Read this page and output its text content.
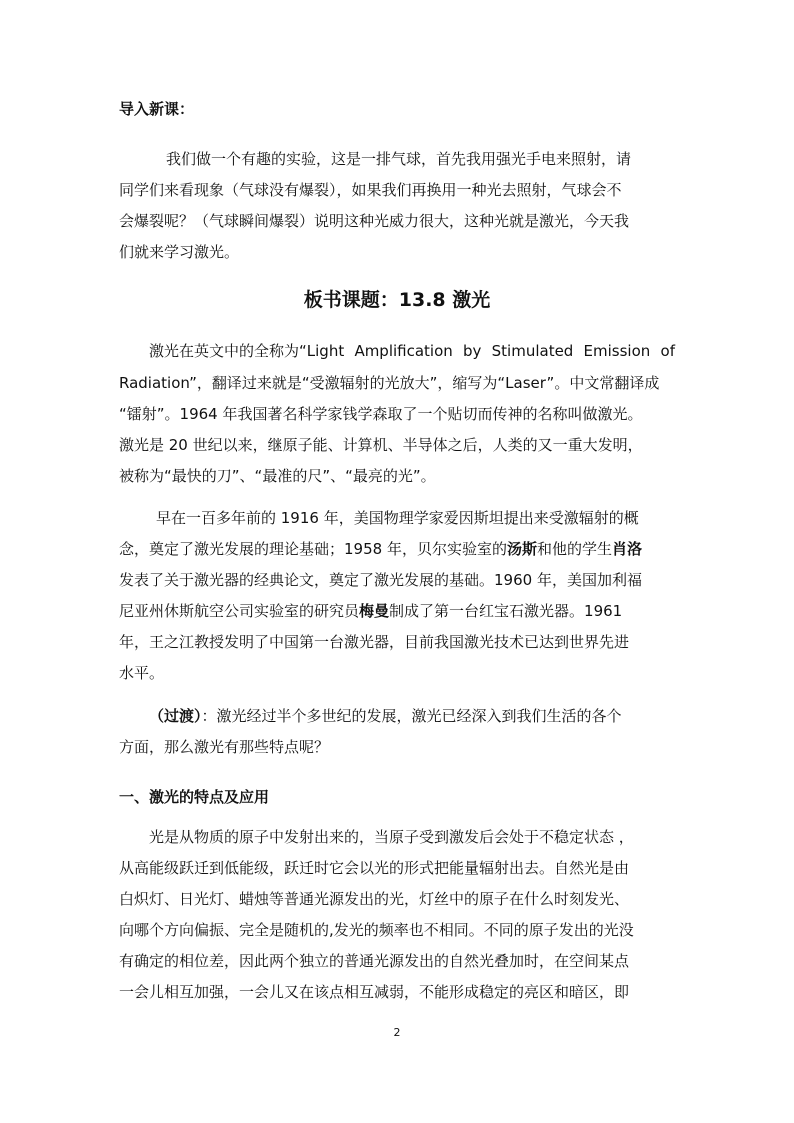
导入新课：
我们做一个有趣的实验，这是一排气球，首先我用强光手电来照射，请
同学们来看现象（气球没有爆裂），如果我们再换用一种光去照射，气球会不
会爆裂呢？（气球瞬间爆裂）说明这种光威力很大，这种光就是激光，今天我
们就来学习激光。
板书课题：13.8 激光
激光在英文中的全称为“Light Amplification by Stimulated Emission of
Radiation”，翻译过来就是“受激辐射的光放大”，缩写为“Laser”。中文常翻译成
“镭射”。1964 年我国著名科学家钱学森取了一个贴切而传神的名称叫做激光。
激光是 20 世纪以来，继原子能、计算机、半导体之后，人类的又一重大发明，
被称为“最快的刀”、“最准的尺”、“最亮的光”。
早在一百多年前的 1916 年，美国物理学家爱因斯坦提出来受激辐射的概
念，奠定了激光发展的理论基础；1958 年，贝尔实验室的汤斯和他的学生肖洛
发表了关于激光器的经典论文，奠定了激光发展的基础。1960 年，美国加利福
尼亚州休斯航空公司实验室的研究员梅曼制成了第一台红宝石激光器。1961
年，王之江教授发明了中国第一台激光器，目前我国激光技术已达到世界先进
水平。
（过渡）：激光经过半个多世纪的发展，激光已经深入到我们生活的各个
方面，那么激光有那些特点呢？
一、激光的特点及应用
光是从物质的原子中发射出来的，当原子受到激发后会处于不稳定状态 ，
从高能级跃迁到低能级，跃迁时它会以光的形式把能量辐射出去。自然光是由
白炽灯、日光灯、蜡烛等普通光源发出的光，灯丝中的原子在什么时刻发光、
向哪个方向偏振、完全是随机的,发光的频率也不相同。不同的原子发出的光没
有确定的相位差，因此两个独立的普通光源发出的自然光叠加时，在空间某点
一会儿相互加强，一会儿又在该点相互减弱，不能形成稳定的亮区和暗区，即
2
